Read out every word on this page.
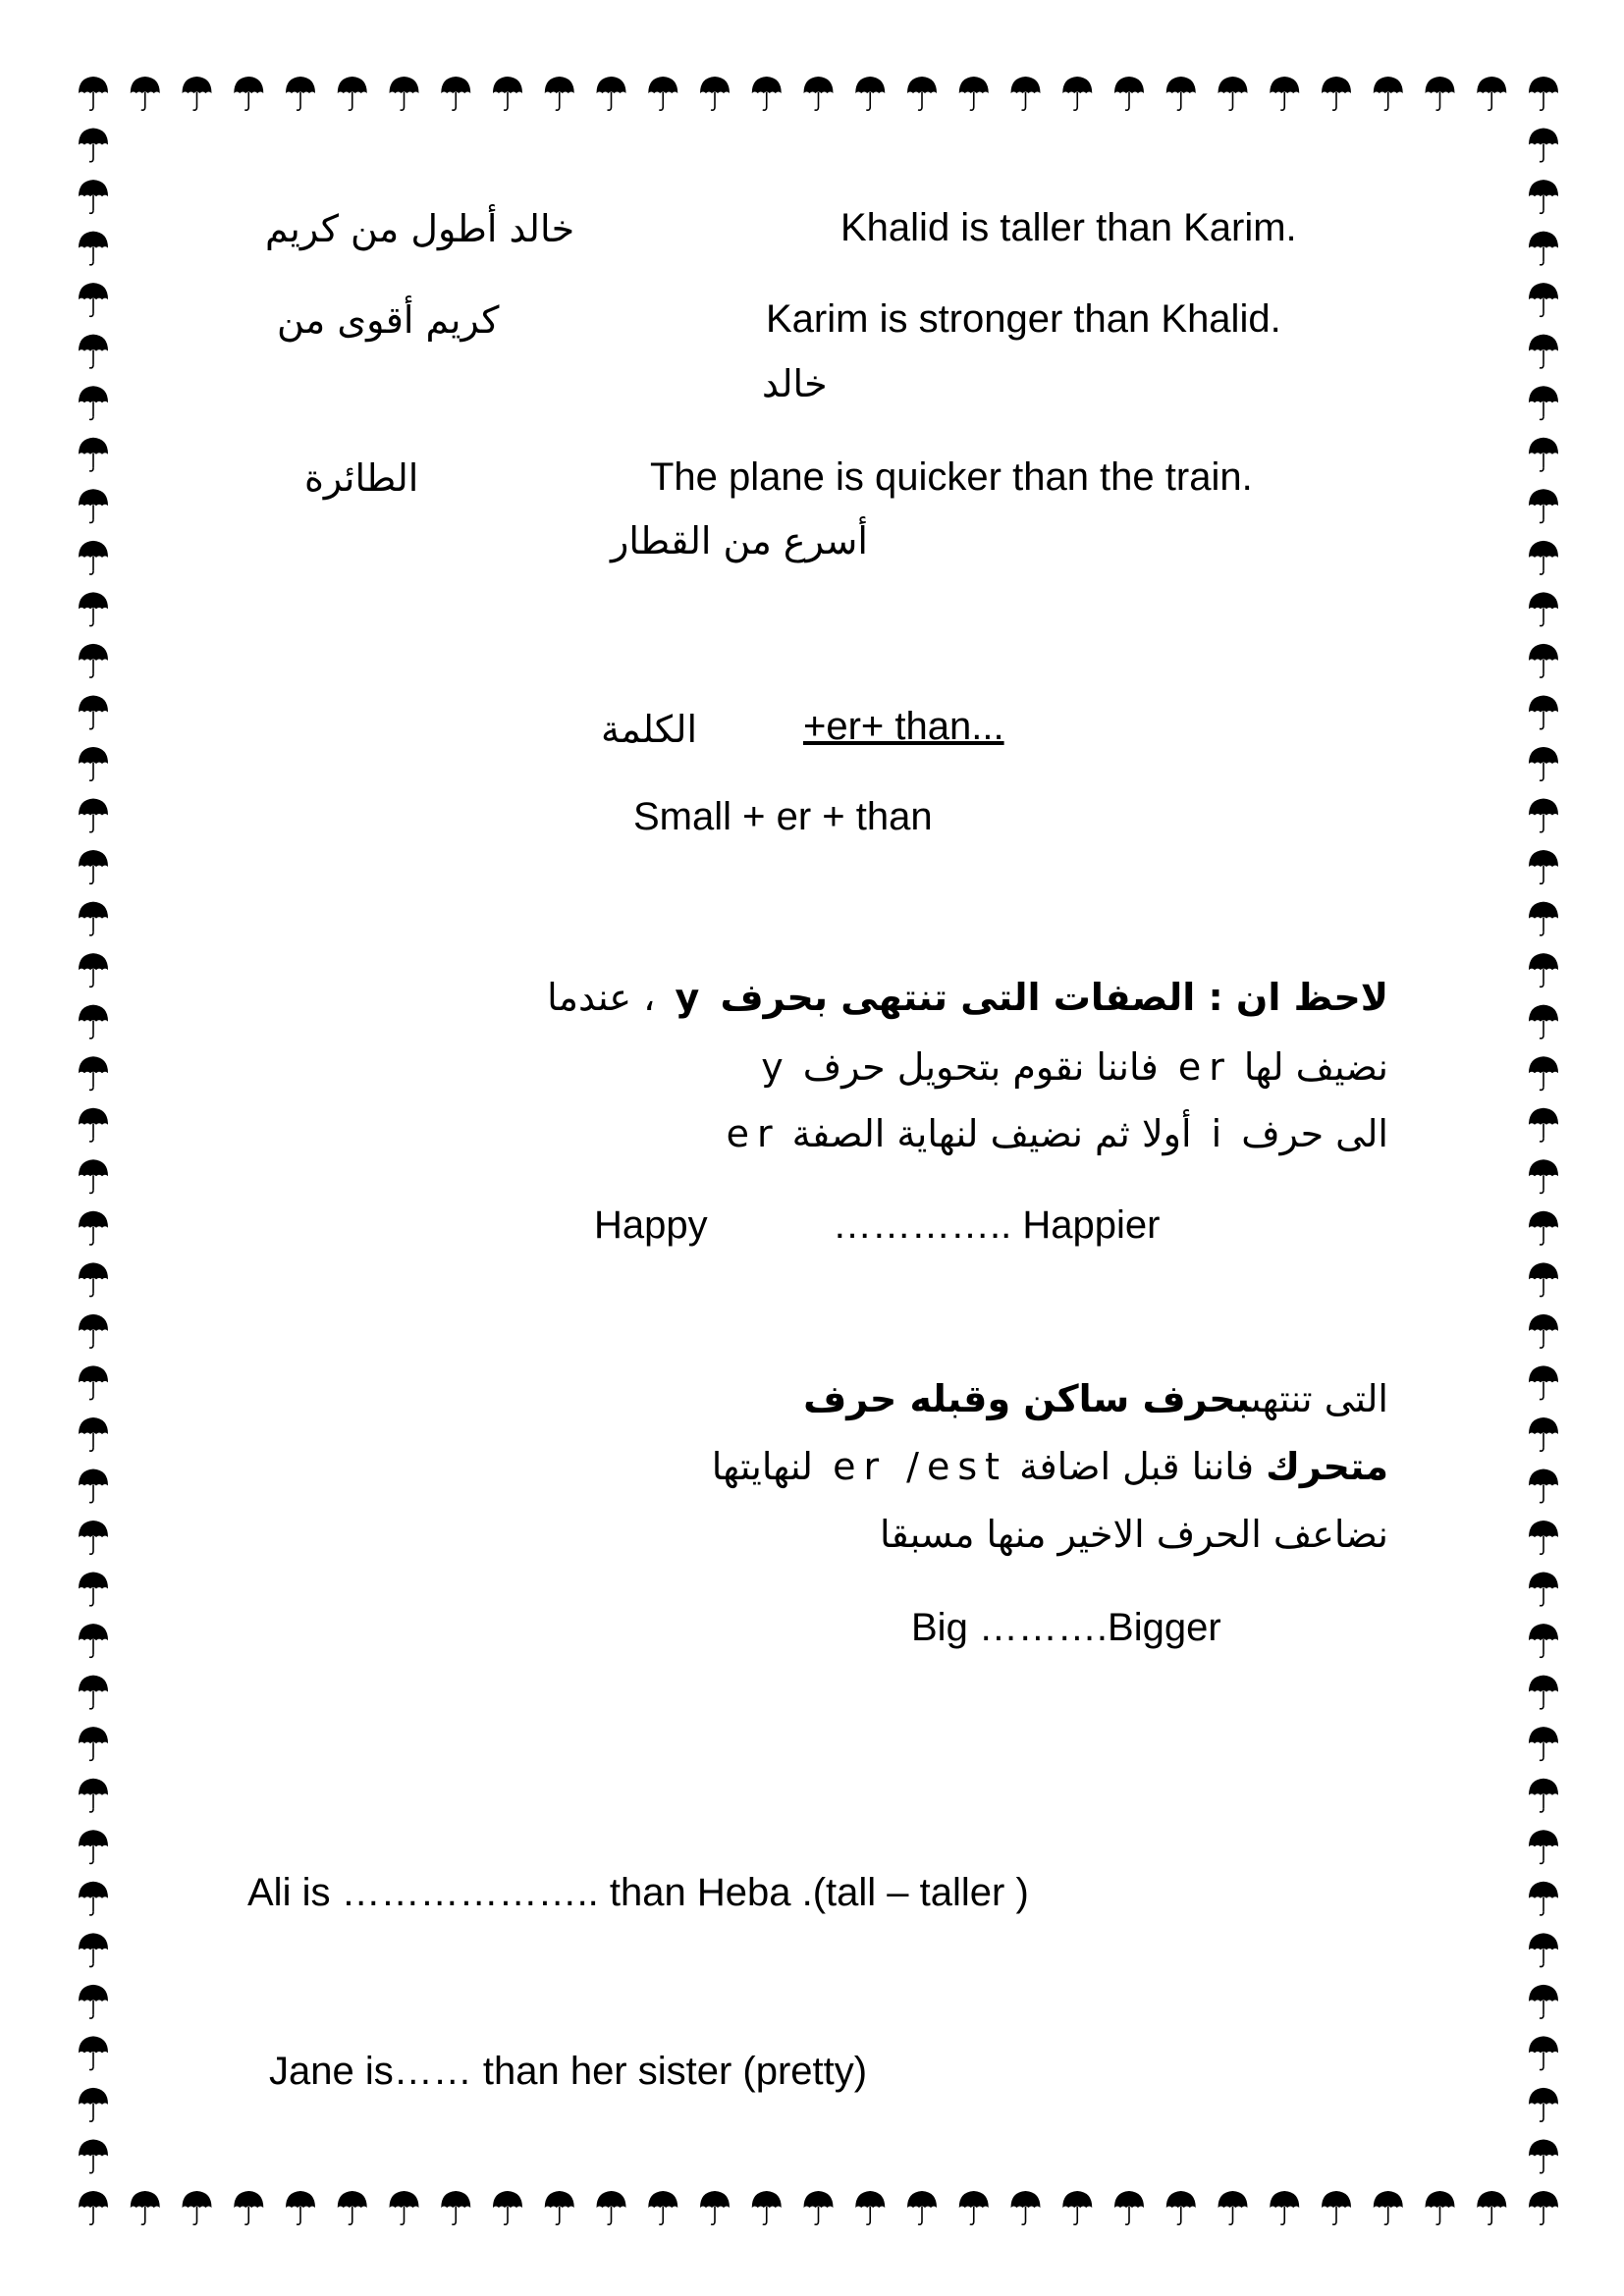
Khalid is taller than Karim.
خالد أطول من كريم
Karim is stronger than Khalid.
كريم أقوى من
خالد
The plane is quicker than the train.
الطائرة
أسرع من القطار
الكلمة	+er+ than...
Small + er + than
لاحظ ان : الصفات التى تنتهى بحرف y ، عندما
نضيف لها er فاننا نقوم بتحويل حرف y
الى حرف i أولا ثم نضيف لنهاية الصفة er
Happy	………….. Happier
التى تنتهىبحرف ساكن وقبله حرف
متحرك فاننا قبل اضافة er /est لنهايتها
نضاعف الحرف الاخير منها مسبقا
Big ……….Bigger
Ali is ……………….. than Heba .(tall – taller )
Jane is…… than her sister (pretty)
